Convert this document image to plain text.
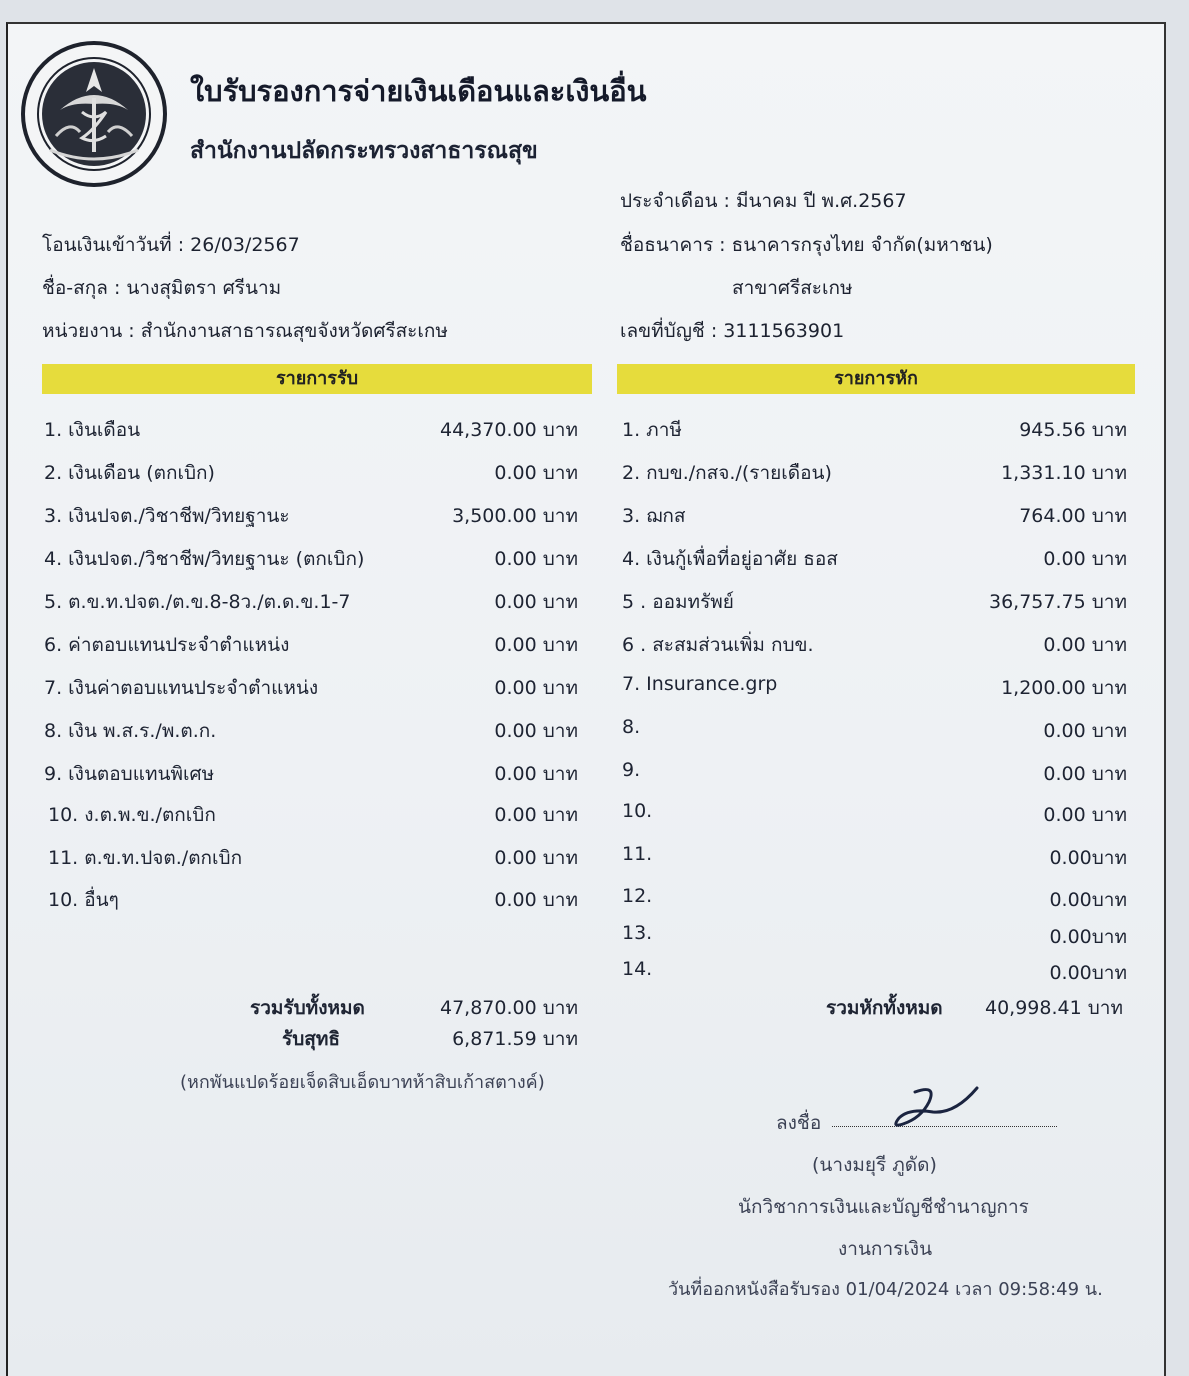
ใบรับรองการจ่ายเงินเดือนและเงินอื่น
สำนักงานปลัดกระทรวงสาธารณสุข
ประจำเดือน : มีนาคม ปี พ.ศ.2567
โอนเงินเข้าวันที่ : 26/03/2567	ชื่อธนาคาร : ธนาคารกรุงไทย จำกัด(มหาชน)
ชื่อ-สกุล : นางสุมิตรา ศรีนาม	สาขาศรีสะเกษ
หน่วยงาน : สำนักงานสาธารณสุขจังหวัดศรีสะเกษ	เลขที่บัญชี : 3111563901
รายการรับ	รายการหัก
1. เงินเดือน	44,370.00 บาท
2. เงินเดือน (ตกเบิก)	0.00 บาท
3. เงินปจต./วิชาชีพ/วิทยฐานะ	3,500.00 บาท
4. เงินปจต./วิชาชีพ/วิทยฐานะ (ตกเบิก)	0.00 บาท
5. ต.ข.ท.ปจต./ต.ข.8-8ว./ต.ด.ข.1-7	0.00 บาท
6. ค่าตอบแทนประจำตำแหน่ง	0.00 บาท
7. เงินค่าตอบแทนประจำตำแหน่ง	0.00 บาท
8. เงิน พ.ส.ร./พ.ต.ก.	0.00 บาท
9. เงินตอบแทนพิเศษ	0.00 บาท
10. ง.ต.พ.ข./ตกเบิก	0.00 บาท
11. ต.ข.ท.ปจต./ตกเบิก	0.00 บาท
10. อื่นๆ	0.00 บาท
1. ภาษี	945.56 บาท
2. กบข./กสจ./(รายเดือน)	1,331.10 บาท
3. ฌกส	764.00 บาท
4. เงินกู้เพื่อที่อยู่อาศัย ธอส	0.00 บาท
5 . ออมทรัพย์	36,757.75 บาท
6 . สะสมส่วนเพิ่ม กบข.	0.00 บาท
7. Insurance.grp	1,200.00 บาท
8.	0.00 บาท
9.	0.00 บาท
10.	0.00 บาท
11.	0.00บาท
12.	0.00บาท
13.	0.00บาท
14.	0.00บาท
รวมรับทั้งหมด	47,870.00 บาท
รับสุทธิ	6,871.59 บาท
(หกพันแปดร้อยเจ็ดสิบเอ็ดบาทห้าสิบเก้าสตางค์)
รวมหักทั้งหมด 40,998.41 บาท
ลงชื่อ
(นางมยุรี ภูดัด)
นักวิชาการเงินและบัญชีชำนาญการ
งานการเงิน
วันที่ออกหนังสือรับรอง 01/04/2024 เวลา 09:58:49 น.
